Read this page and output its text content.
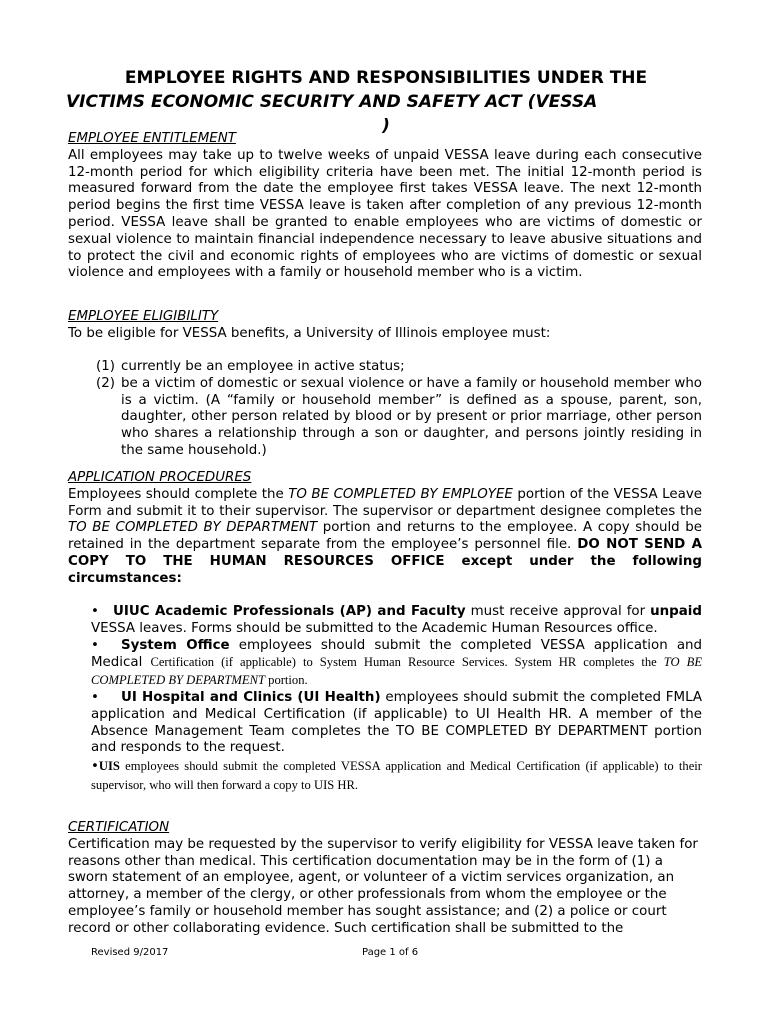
EMPLOYEE RIGHTS AND RESPONSIBILITIES UNDER THE
VICTIMS ECONOMIC SECURITY AND SAFETY ACT (VESSA
)
EMPLOYEE ENTITLEMENT
All employees may take up to twelve weeks of unpaid VESSA leave during each consecutive 12-month period for which eligibility criteria have been met. The initial 12-month period is measured forward from the date the employee first takes VESSA leave. The next 12-month period begins the first time VESSA leave is taken after completion of any previous 12-month period. VESSA leave shall be granted to enable employees who are victims of domestic or sexual violence to maintain financial independence necessary to leave abusive situations and to protect the civil and economic rights of employees who are victims of domestic or sexual violence and employees with a family or household member who is a victim.
EMPLOYEE ELIGIBILITY
To be eligible for VESSA benefits, a University of Illinois employee must:
(1) currently be an employee in active status;
(2) be a victim of domestic or sexual violence or have a family or household member who is a victim. (A “family or household member” is defined as a spouse, parent, son, daughter, other person related by blood or by present or prior marriage, other person who shares a relationship through a son or daughter, and persons jointly residing in the same household.)
APPLICATION PROCEDURES
Employees should complete the TO BE COMPLETED BY EMPLOYEE portion of the VESSA Leave Form and submit it to their supervisor. The supervisor or department designee completes the TO BE COMPLETED BY DEPARTMENT portion and returns to the employee. A copy should be retained in the department separate from the employee’s personnel file. DO NOT SEND A COPY TO THE HUMAN RESOURCES OFFICE except under the following circumstances:
• UIUC Academic Professionals (AP) and Faculty must receive approval for unpaid VESSA leaves. Forms should be submitted to the Academic Human Resources office.
• System Office employees should submit the completed VESSA application and Medical Certification (if applicable) to System Human Resource Services. System HR completes the TO BE COMPLETED BY DEPARTMENT portion.
• UI Hospital and Clinics (UI Health) employees should submit the completed FMLA application and Medical Certification (if applicable) to UI Health HR. A member of the Absence Management Team completes the TO BE COMPLETED BY DEPARTMENT portion and responds to the request.
•UIS employees should submit the completed VESSA application and Medical Certification (if applicable) to their supervisor, who will then forward a copy to UIS HR.
CERTIFICATION
Certification may be requested by the supervisor to verify eligibility for VESSA leave taken for reasons other than medical. This certification documentation may be in the form of (1) a sworn statement of an employee, agent, or volunteer of a victim services organization, an attorney, a member of the clergy, or other professionals from whom the employee or the employee’s family or household member has sought assistance; and (2) a police or court record or other collaborating evidence. Such certification shall be submitted to the
Revised 9/2017	Page 1 of 6
